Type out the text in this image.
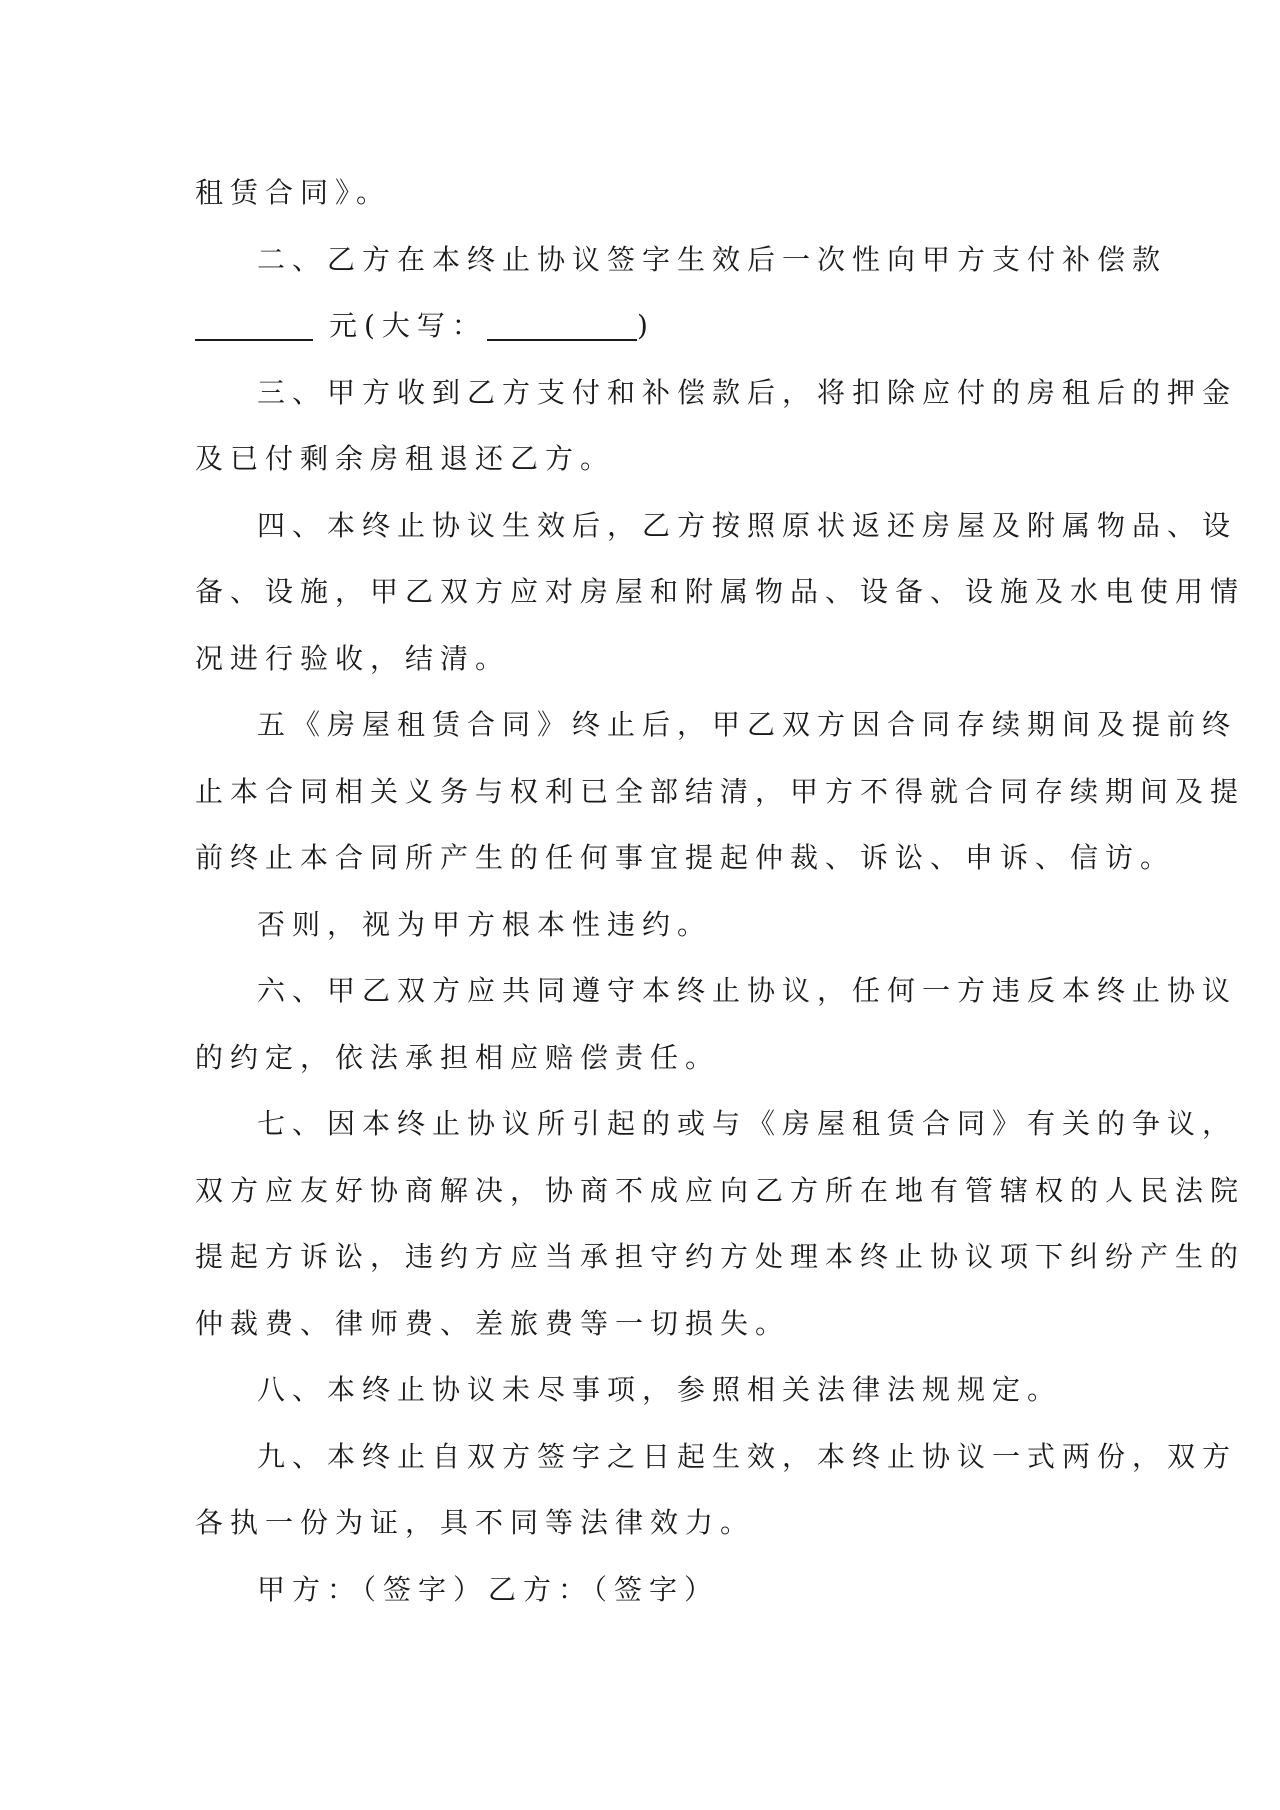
租赁合同》。
二、乙方在本终止协议签字生效后一次性向甲方支付补偿款
元(大写：	)
三、甲方收到乙方支付和补偿款后，将扣除应付的房租后的押金
及已付剩余房租退还乙方。
四、本终止协议生效后，乙方按照原状返还房屋及附属物品、设
备、设施，甲乙双方应对房屋和附属物品、设备、设施及水电使用情
况进行验收，结清。
五《房屋租赁合同》终止后，甲乙双方因合同存续期间及提前终
止本合同相关义务与权利已全部结清，甲方不得就合同存续期间及提
前终止本合同所产生的任何事宜提起仲裁、诉讼、申诉、信访。
否则，视为甲方根本性违约。
六、甲乙双方应共同遵守本终止协议，任何一方违反本终止协议
的约定，依法承担相应赔偿责任。
七、因本终止协议所引起的或与《房屋租赁合同》有关的争议，
双方应友好协商解决，协商不成应向乙方所在地有管辖权的人民法院
提起方诉讼，违约方应当承担守约方处理本终止协议项下纠纷产生的
仲裁费、律师费、差旅费等一切损失。
八、本终止协议未尽事项，参照相关法律法规规定。
九、本终止自双方签字之日起生效，本终止协议一式两份，双方
各执一份为证，具不同等法律效力。
甲方：（签字）乙方：（签字）
